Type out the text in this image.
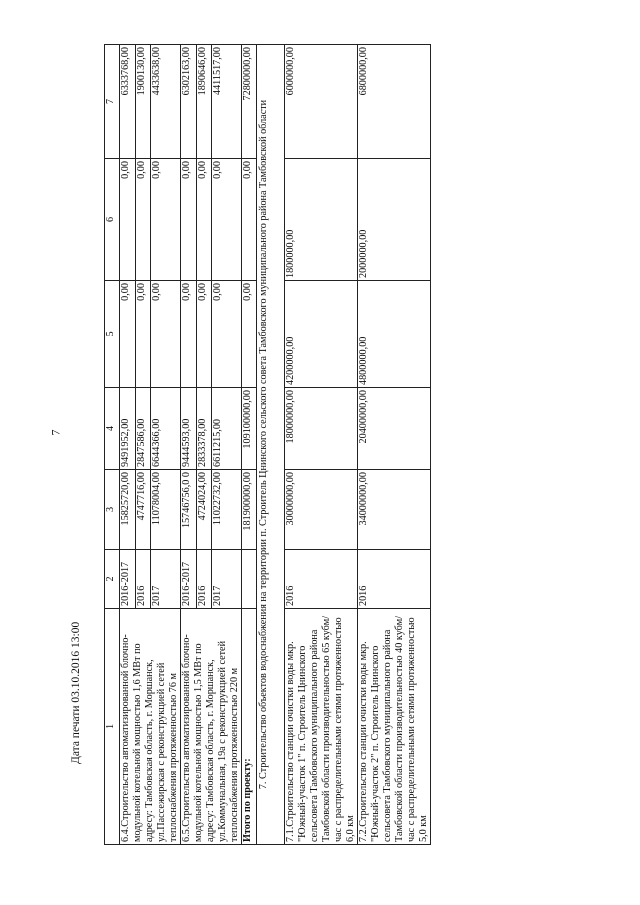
7
1	2	3	4	5	6	7
6.4.Строительство автоматизированной блочно-модульной котельной мощностью 1,6 МВт по адресу: Тамбовская область, г. Моршанск, ул.Пассежирская с реконструкцией сетей теплоснабжения протяженностью 76 м	2016-2017	15825720,00	9491952,00	0,00	0,00	6333768,00
	2016	4747716,00	2847586,00	0,00	0,00	1900130,00
	2017	11078004,00	6644366,00	0,00	0,00	4433638,00
6.5.Строительство автоматизированной блочно-модульной котельной мощностью 1,5 МВт по адресу: Тамбовская область, г. Моршанск, ул.Коммунальная, 19а с реконструкцией сетей теплоснабжения протяженностью 220 м	2016-2017	15746756,0 0	9444593,00	0,00	0,00	6302163,00
	2016	4724024,00	2833378,00	0,00	0,00	1890646,00
	2017	11022732,00	6611215,00	0,00	0,00	4411517,00
Итого по проекту:		181900000,00	109100000,00	0,00	0,00	72800000,00
7. Строительство объектов водоснабжения на территории п. Строитель Цнинского сельского совета Тамбовского муниципального района Тамбовской области						
7.1.Строительство станции очистки воды мкр. "Южный-участок 1" п. Строитель Цнинского сельсовета Тамбовского муниципального района Тамбовской области производительностью 65 кубм/час с распределительными сетями протяженностью 6,0 км	2016	30000000,00	18000000,00	4200000,00	1800000,00	6000000,00
7.2.Строительство станции очистки воды мкр. "Южный-участок 2" п. Строитель Цнинского сельсовета Тамбовского муниципального района Тамбовской области производительностью 40 кубм/час с распределительными сетями протяженностью 5,0 км	2016	34000000,00	20400000,00	4800000,00	2000000,00	6800000,00
Дата печати 03.10.2016 13:00
